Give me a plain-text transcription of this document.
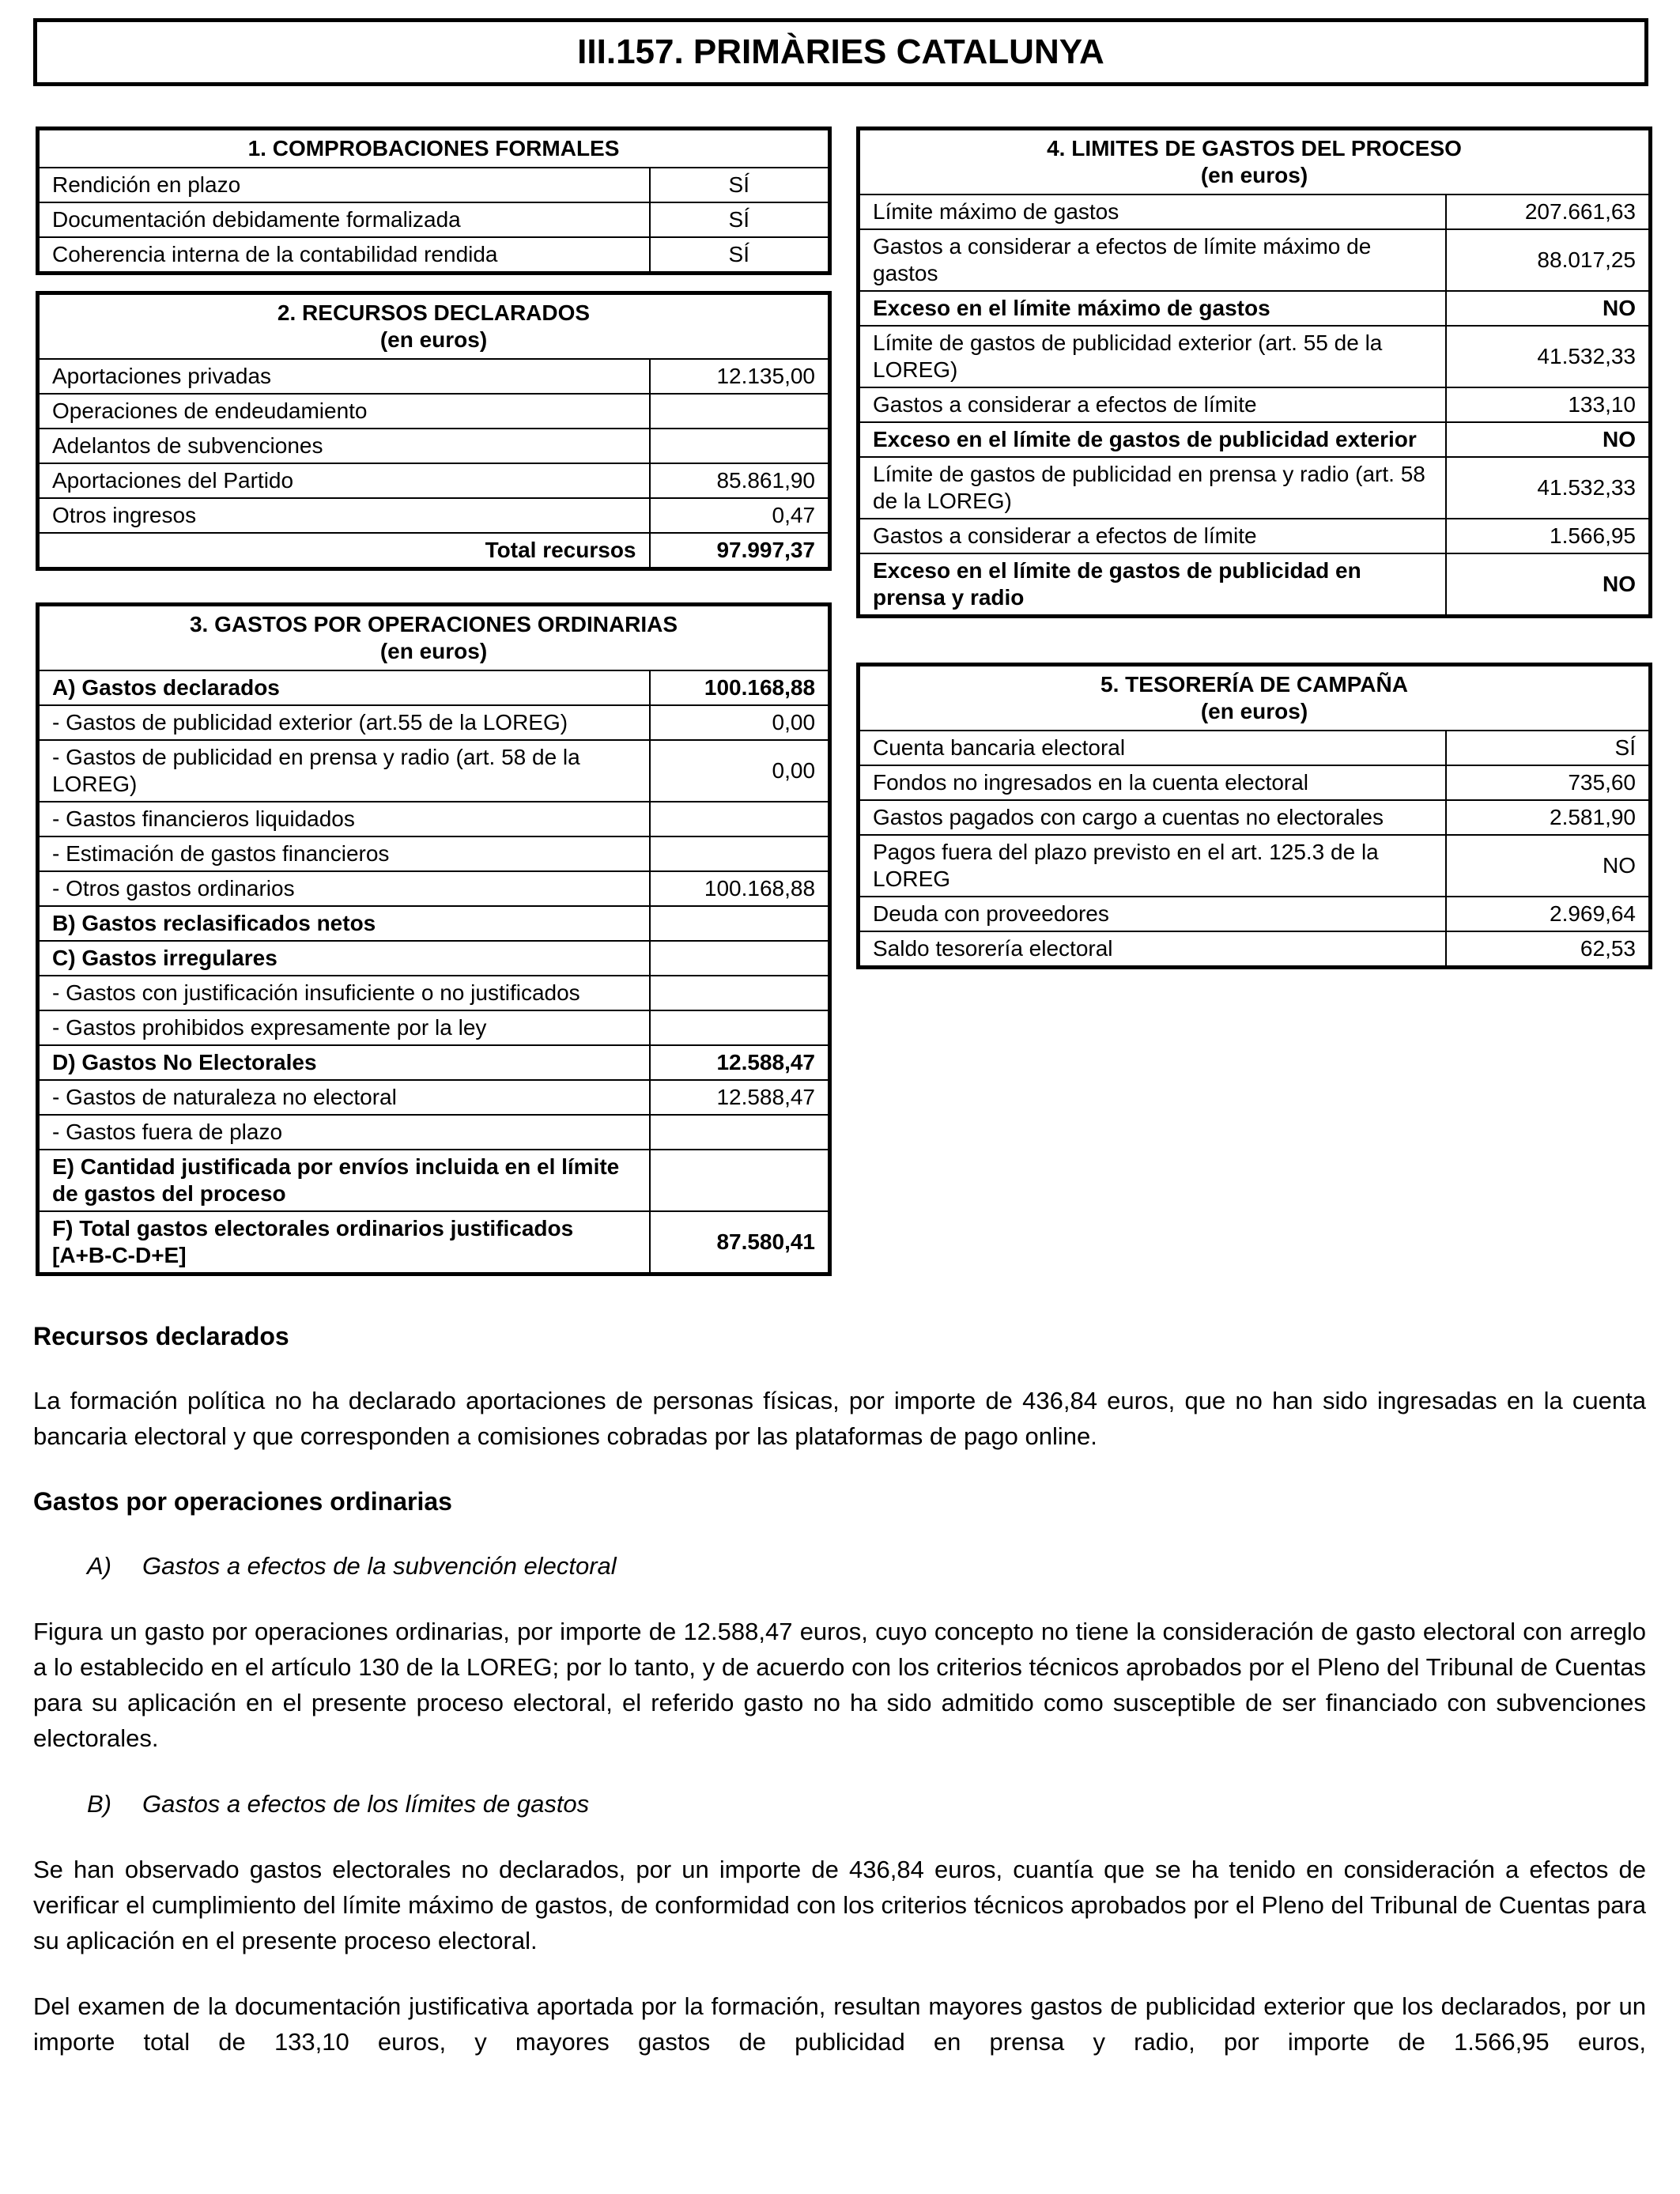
III.157. PRIMÀRIES CATALUNYA
1. COMPROBACIONES FORMALES	
Rendición en plazo	SÍ
Documentación debidamente formalizada	SÍ
Coherencia interna de la contabilidad rendida	SÍ
2. RECURSOS DECLARADOS
(en euros)	
Aportaciones privadas	12.135,00
Operaciones de endeudamiento	
Adelantos de subvenciones	
Aportaciones del Partido	85.861,90
Otros ingresos	0,47
Total recursos	97.997,37
3. GASTOS POR OPERACIONES ORDINARIAS
(en euros)	
A) Gastos declarados	100.168,88
- Gastos de publicidad exterior (art.55 de la LOREG)	0,00
- Gastos de publicidad en prensa y radio (art. 58 de la LOREG)	0,00
- Gastos financieros liquidados	
- Estimación de gastos financieros	
- Otros gastos ordinarios	100.168,88
B) Gastos reclasificados netos	
C) Gastos irregulares	
- Gastos con justificación insuficiente o no justificados	
- Gastos prohibidos expresamente por la ley	
D) Gastos No Electorales	12.588,47
- Gastos de naturaleza no electoral	12.588,47
- Gastos fuera de plazo	
E) Cantidad justificada por envíos incluida en el límite de gastos del proceso	
F) Total gastos electorales ordinarios justificados [A+B-C-D+E]	87.580,41
4. LIMITES DE GASTOS DEL PROCESO
(en euros)	
Límite máximo de gastos	207.661,63
Gastos a considerar a efectos de límite máximo de gastos	88.017,25
Exceso en el límite máximo de gastos	NO
Límite de gastos de publicidad exterior (art. 55 de la LOREG)	41.532,33
Gastos a considerar a efectos de límite	133,10
Exceso en el límite de gastos de publicidad exterior	NO
Límite de gastos de publicidad en prensa y radio (art. 58 de la LOREG)	41.532,33
Gastos a considerar a efectos de límite	1.566,95
Exceso en el límite de gastos de publicidad en prensa y radio	NO
5. TESORERÍA DE CAMPAÑA
(en euros)	
Cuenta bancaria electoral	SÍ
Fondos no ingresados en la cuenta electoral	735,60
Gastos pagados con cargo a cuentas no electorales	2.581,90
Pagos fuera del plazo previsto en el art. 125.3 de la LOREG	NO
Deuda con proveedores	2.969,64
Saldo tesorería electoral	62,53
Recursos declarados

La formación política no ha declarado aportaciones de personas físicas, por importe de 436,84 euros, que no han sido ingresadas en la cuenta bancaria electoral y que corresponden a comisiones cobradas por las plataformas de pago online.

Gastos por operaciones ordinarias

A) Gastos a efectos de la subvención electoral

Figura un gasto por operaciones ordinarias, por importe de 12.588,47 euros, cuyo concepto no tiene la consideración de gasto electoral con arreglo a lo establecido en el artículo 130 de la LOREG; por lo tanto, y de acuerdo con los criterios técnicos aprobados por el Pleno del Tribunal de Cuentas para su aplicación en el presente proceso electoral, el referido gasto no ha sido admitido como susceptible de ser financiado con subvenciones electorales.

B) Gastos a efectos de los límites de gastos

Se han observado gastos electorales no declarados, por un importe de 436,84 euros, cuantía que se ha tenido en consideración a efectos de verificar el cumplimiento del límite máximo de gastos, de conformidad con los criterios técnicos aprobados por el Pleno del Tribunal de Cuentas para su aplicación en el presente proceso electoral.

Del examen de la documentación justificativa aportada por la formación, resultan mayores gastos de publicidad exterior que los declarados, por un importe total de 133,10 euros, y mayores gastos de publicidad en prensa y radio, por importe de 1.566,95 euros,
